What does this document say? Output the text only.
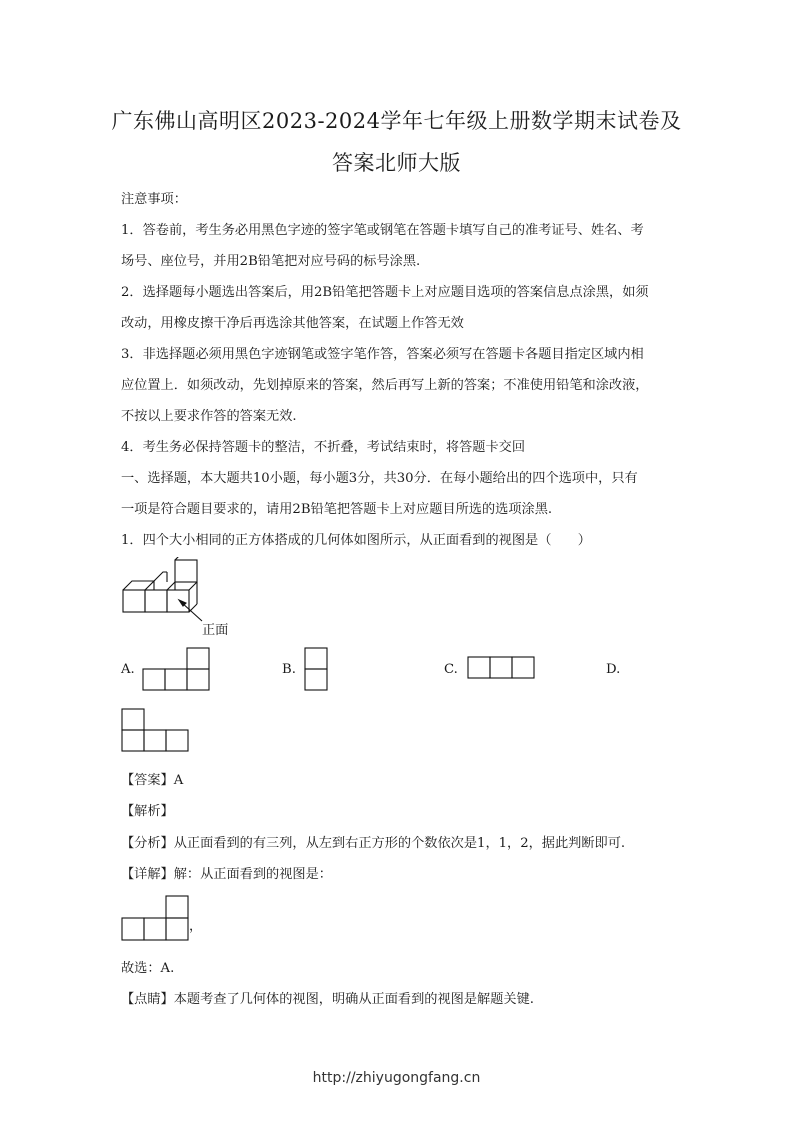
广东佛山高明区2023-2024学年七年级上册数学期末试卷及
答案北师大版
注意事项：
1．答卷前，考生务必用黑色字迹的签字笔或钢笔在答题卡填写自己的准考证号、姓名、考
场号、座位号，并用2B铅笔把对应号码的标号涂黑.
2．选择题每小题选出答案后，用2B铅笔把答题卡上对应题目选项的答案信息点涂黑，如须
改动，用橡皮擦干净后再选涂其他答案，在试题上作答无效
3．非选择题必须用黑色字迹钢笔或签字笔作答，答案必须写在答题卡各题目指定区域内相
应位置上．如须改动，先划掉原来的答案，然后再写上新的答案；不准使用铅笔和涂改液，
不按以上要求作答的答案无效.
4．考生务必保持答题卡的整洁，不折叠，考试结束时，将答题卡交回
一、选择题，本大题共10小题，每小题3分，共30分．在每小题给出的四个选项中，只有
一项是符合题目要求的，请用2B铅笔把答题卡上对应题目所选的选项涂黑.
1．四个大小相同的正方体搭成的几何体如图所示，从正面看到的视图是（　　）
正面
A.	B.	C.	D.
【答案】A
【解析】
【分析】从正面看到的有三列，从左到右正方形的个数依次是1，1，2，据此判断即可.
【详解】解：从正面看到的视图是：
，
故选：A.
【点睛】本题考查了几何体的视图，明确从正面看到的视图是解题关键.
http://zhiyugongfang.cn
